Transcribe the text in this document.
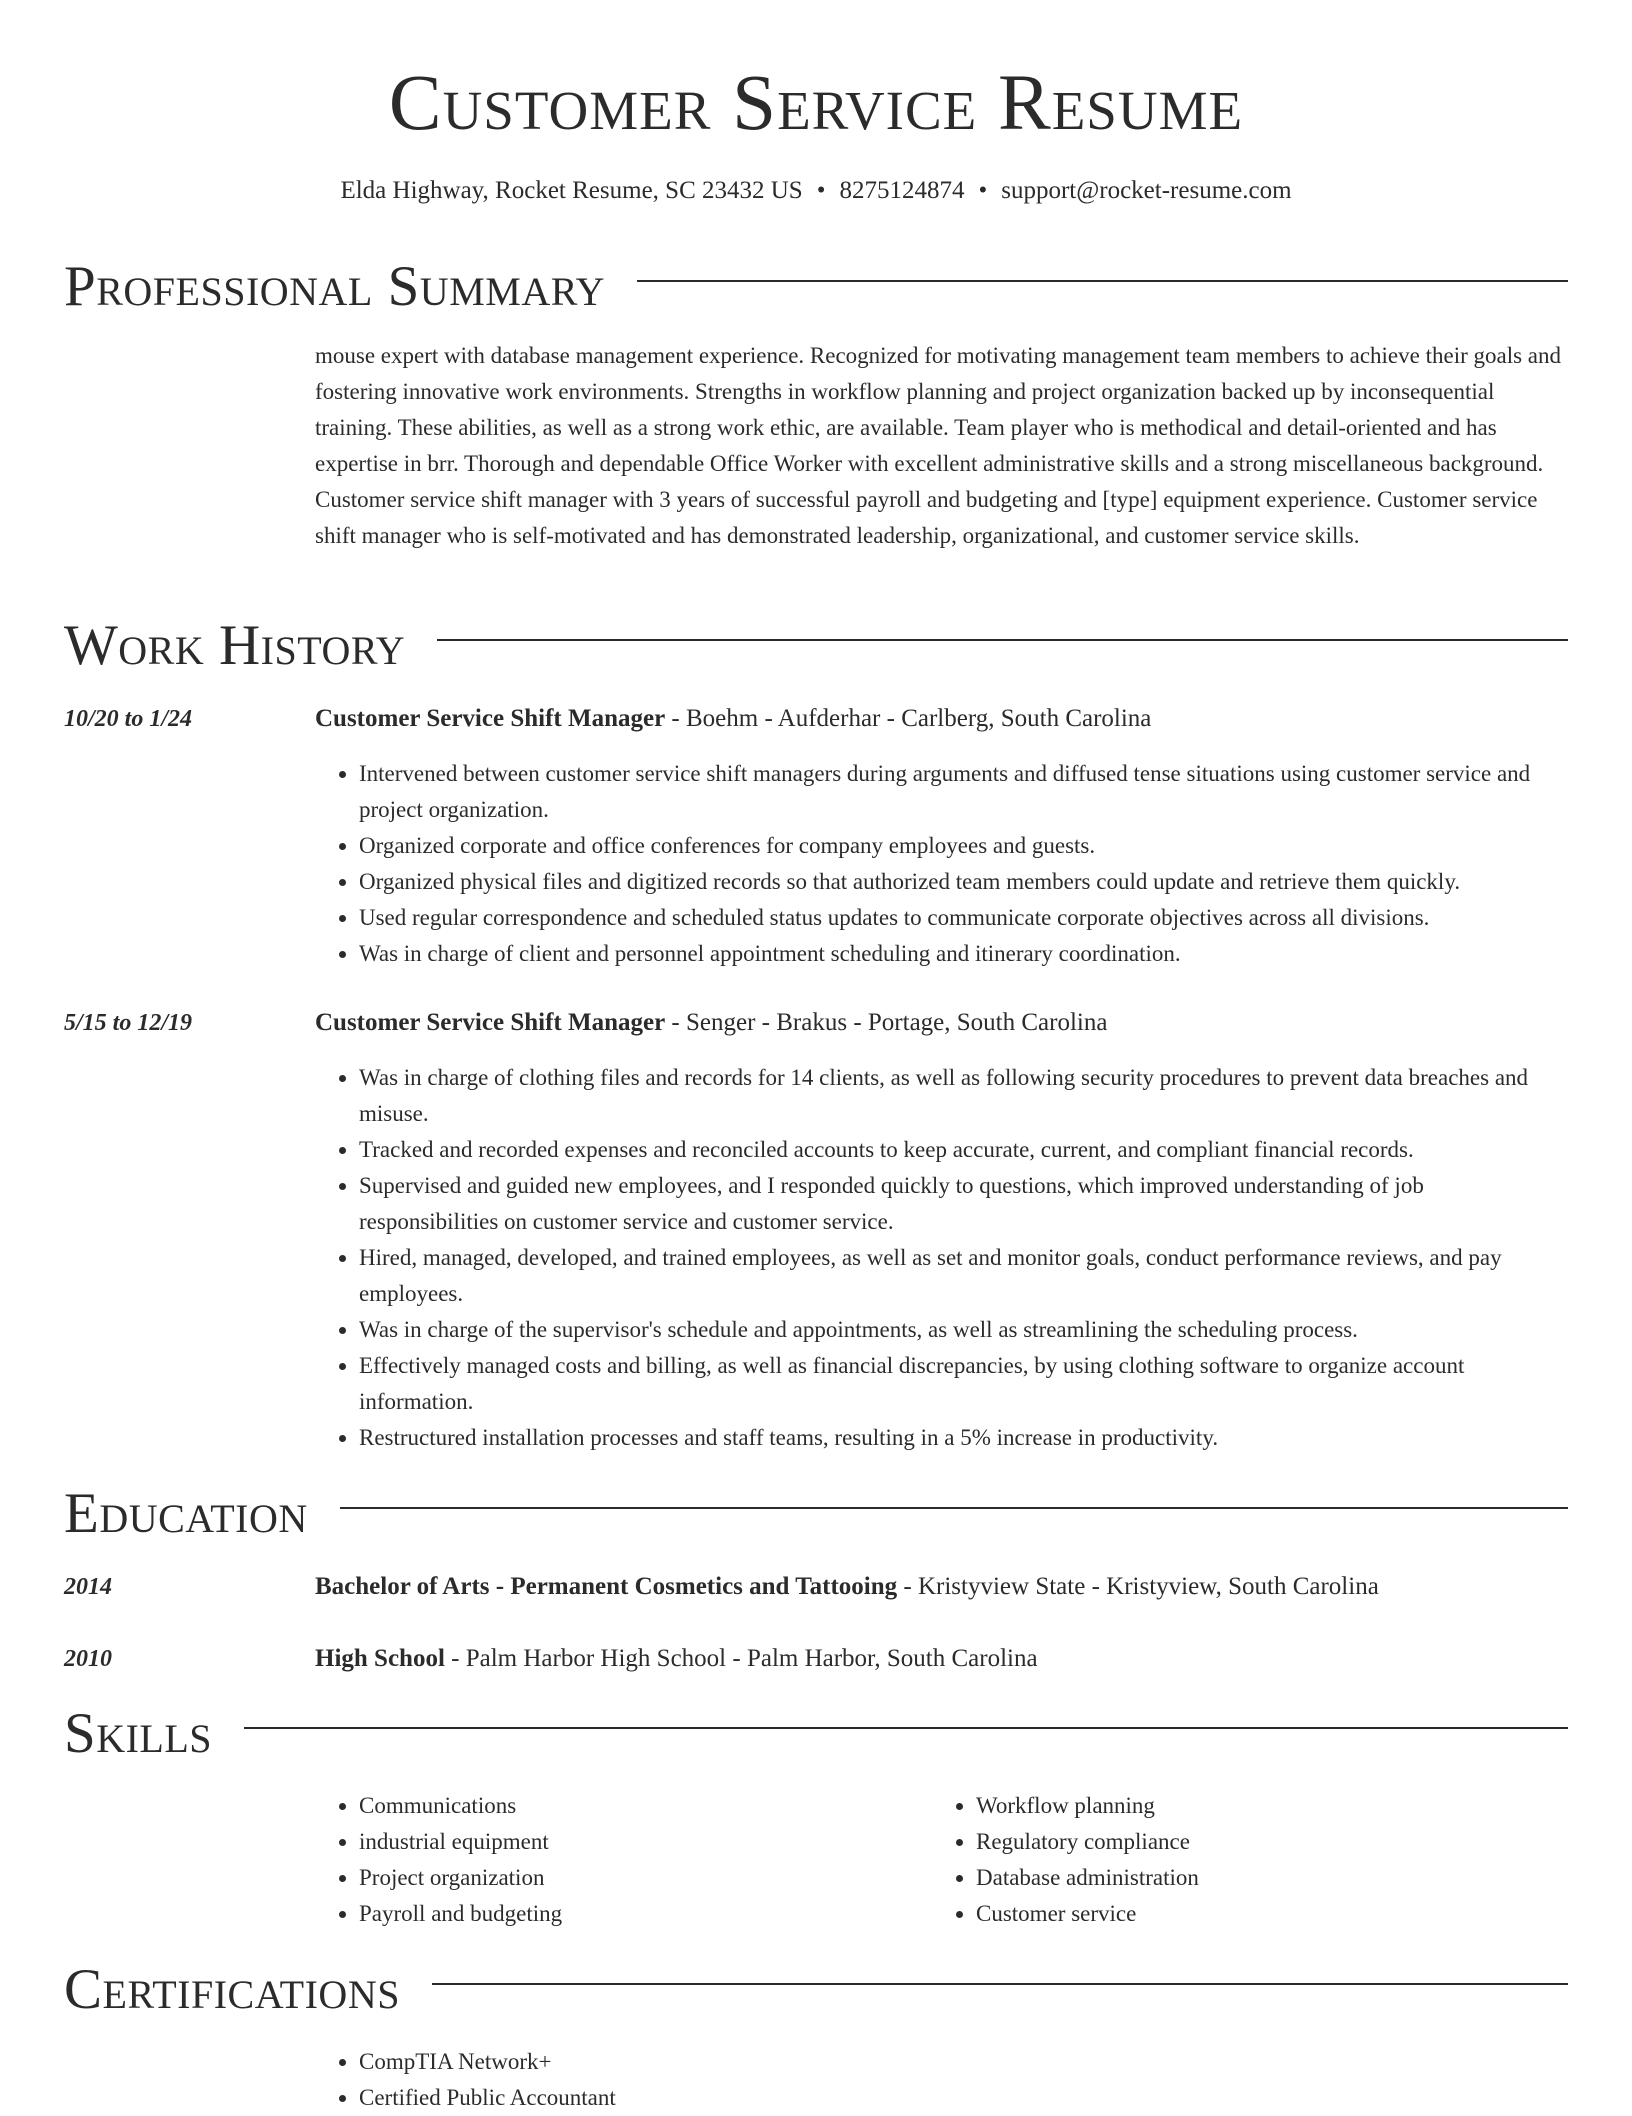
Customer Service Resume
Elda Highway, Rocket Resume, SC 23432 US • 8275124874 • support@rocket-resume.com
Professional Summary
mouse expert with database management experience. Recognized for motivating management team members to achieve their goals and fostering innovative work environments. Strengths in workflow planning and project organization backed up by inconsequential training. These abilities, as well as a strong work ethic, are available. Team player who is methodical and detail-oriented and has expertise in brr. Thorough and dependable Office Worker with excellent administrative skills and a strong miscellaneous background. Customer service shift manager with 3 years of successful payroll and budgeting and [type] equipment experience. Customer service shift manager who is self-motivated and has demonstrated leadership, organizational, and customer service skills.
Work History
10/20 to 1/24	Customer Service Shift Manager - Boehm - Aufderhar - Carlberg, South Carolina
• Intervened between customer service shift managers during arguments and diffused tense situations using customer service and project organization.
• Organized corporate and office conferences for company employees and guests.
• Organized physical files and digitized records so that authorized team members could update and retrieve them quickly.
• Used regular correspondence and scheduled status updates to communicate corporate objectives across all divisions.
• Was in charge of client and personnel appointment scheduling and itinerary coordination.
5/15 to 12/19	Customer Service Shift Manager - Senger - Brakus - Portage, South Carolina
• Was in charge of clothing files and records for 14 clients, as well as following security procedures to prevent data breaches and misuse.
• Tracked and recorded expenses and reconciled accounts to keep accurate, current, and compliant financial records.
• Supervised and guided new employees, and I responded quickly to questions, which improved understanding of job responsibilities on customer service and customer service.
• Hired, managed, developed, and trained employees, as well as set and monitor goals, conduct performance reviews, and pay employees.
• Was in charge of the supervisor's schedule and appointments, as well as streamlining the scheduling process.
• Effectively managed costs and billing, as well as financial discrepancies, by using clothing software to organize account information.
• Restructured installation processes and staff teams, resulting in a 5% increase in productivity.
Education
2014	Bachelor of Arts - Permanent Cosmetics and Tattooing - Kristyview State - Kristyview, South Carolina
2010	High School - Palm Harbor High School - Palm Harbor, South Carolina
Skills
• Communications
• industrial equipment
• Project organization
• Payroll and budgeting
• Workflow planning
• Regulatory compliance
• Database administration
• Customer service
Certifications
• CompTIA Network+
• Certified Public Accountant
